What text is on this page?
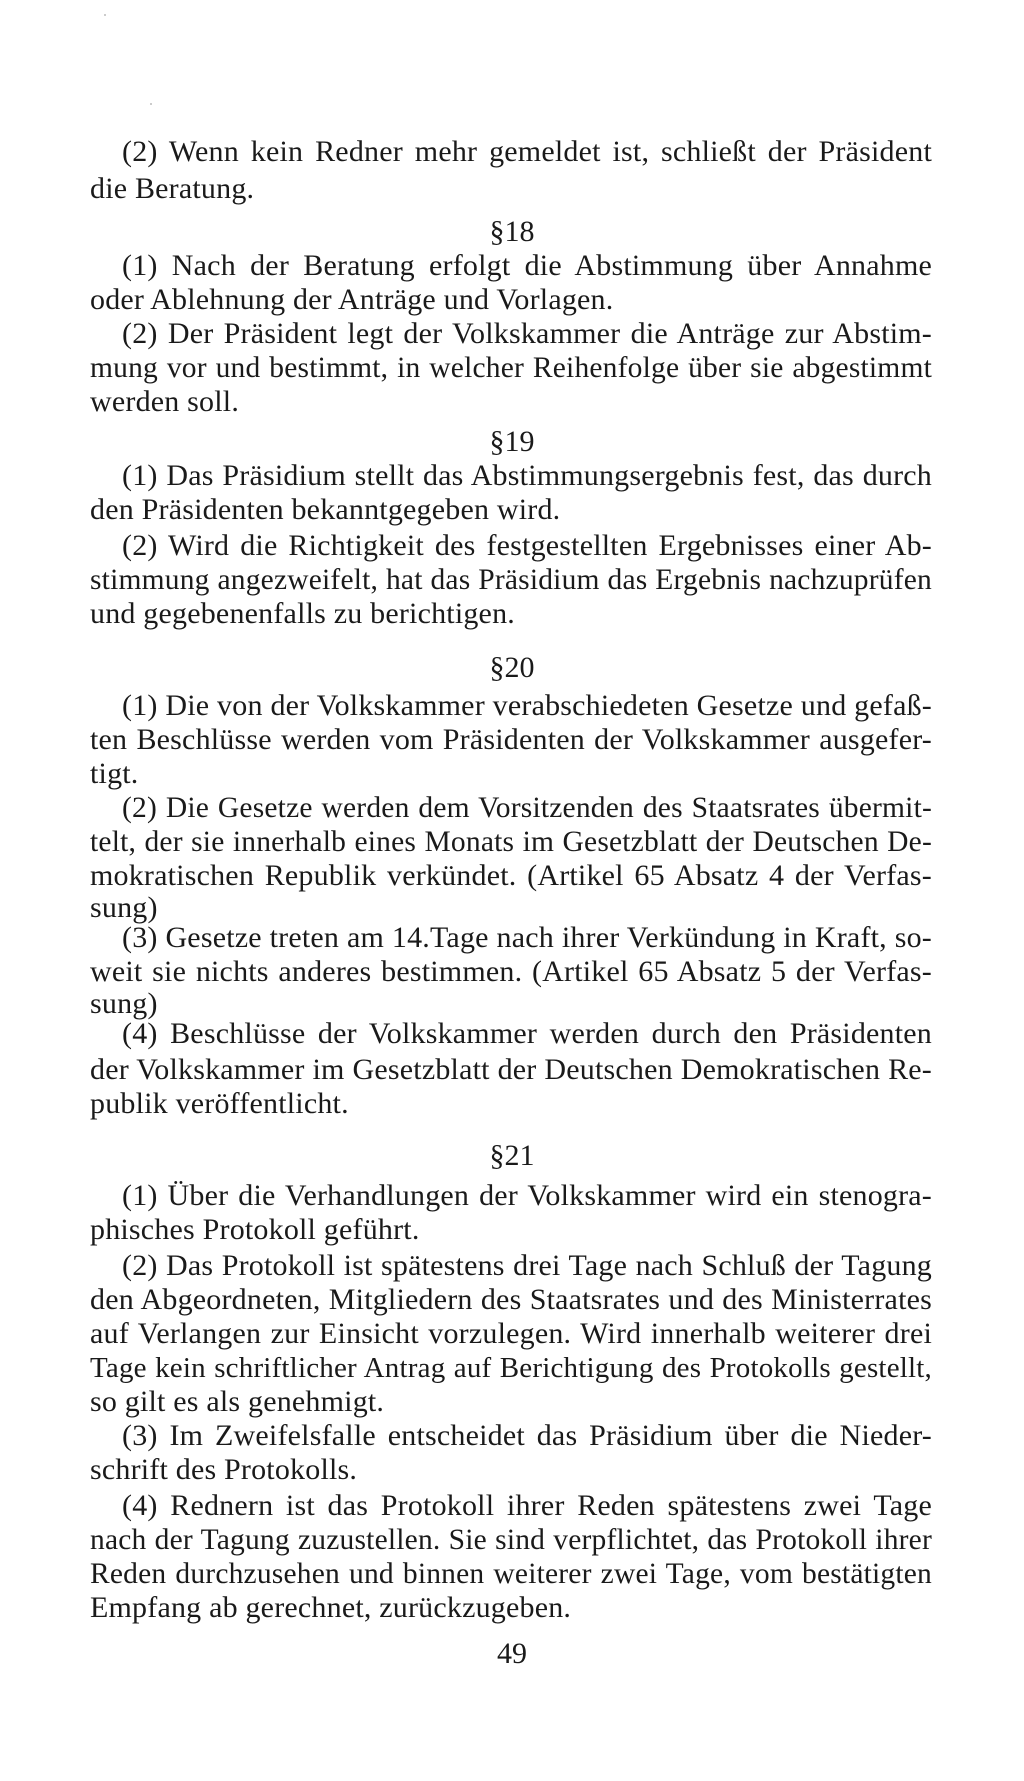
(2) Wenn kein Redner mehr gemeldet ist, schließt der Präsident
die Beratung.
§18
(1) Nach der Beratung erfolgt die Abstimmung über Annahme
oder Ablehnung der Anträge und Vorlagen.
(2) Der Präsident legt der Volkskammer die Anträge zur Abstim-
mung vor und bestimmt, in welcher Reihenfolge über sie abgestimmt
werden soll.
§19
(1) Das Präsidium stellt das Abstimmungsergebnis fest, das durch
den Präsidenten bekanntgegeben wird.
(2) Wird die Richtigkeit des festgestellten Ergebnisses einer Ab-
stimmung angezweifelt, hat das Präsidium das Ergebnis nachzuprüfen
und gegebenenfalls zu berichtigen.
§20
(1) Die von der Volkskammer verabschiedeten Gesetze und gefaß-
ten Beschlüsse werden vom Präsidenten der Volkskammer ausgefer-
tigt.
(2) Die Gesetze werden dem Vorsitzenden des Staatsrates übermit-
telt, der sie innerhalb eines Monats im Gesetzblatt der Deutschen De-
mokratischen Republik verkündet. (Artikel 65 Absatz 4 der Verfas-
sung)
(3) Gesetze treten am 14.Tage nach ihrer Verkündung in Kraft, so-
weit sie nichts anderes bestimmen. (Artikel 65 Absatz 5 der Verfas-
sung)
(4) Beschlüsse der Volkskammer werden durch den Präsidenten
der Volkskammer im Gesetzblatt der Deutschen Demokratischen Re-
publik veröffentlicht.
§21
(1) Über die Verhandlungen der Volkskammer wird ein stenogra-
phisches Protokoll geführt.
(2) Das Protokoll ist spätestens drei Tage nach Schluß der Tagung
den Abgeordneten, Mitgliedern des Staatsrates und des Ministerrates
auf Verlangen zur Einsicht vorzulegen. Wird innerhalb weiterer drei
Tage kein schriftlicher Antrag auf Berichtigung des Protokolls gestellt,
so gilt es als genehmigt.
(3) Im Zweifelsfalle entscheidet das Präsidium über die Nieder-
schrift des Protokolls.
(4) Rednern ist das Protokoll ihrer Reden spätestens zwei Tage
nach der Tagung zuzustellen. Sie sind verpflichtet, das Protokoll ihrer
Reden durchzusehen und binnen weiterer zwei Tage, vom bestätigten
Empfang ab gerechnet, zurückzugeben.
49
